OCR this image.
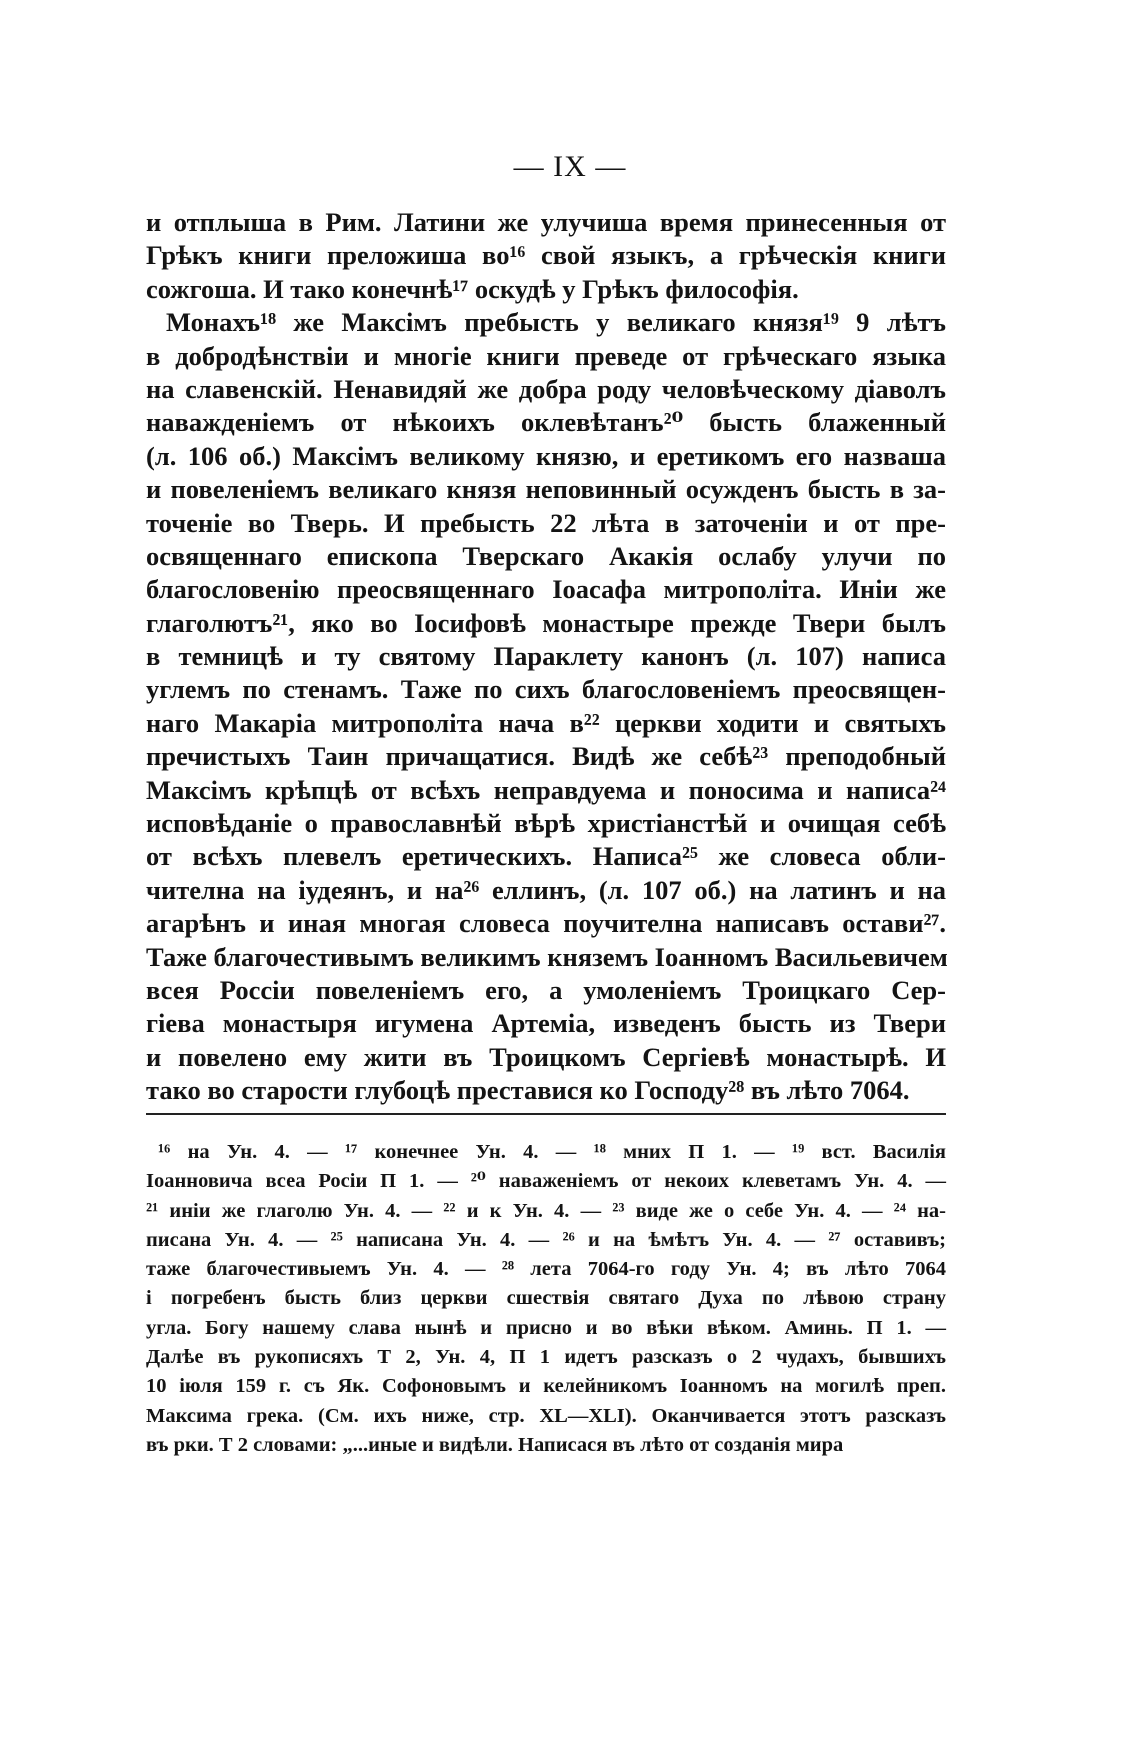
— IX —
и отплыша в Рим. Латини же улучиша время принесенныя от
Грѣкъ книги преложиша во¹⁶ свой языкъ, а грѣческія книги
сожгоша. И тако конечнѣ¹⁷ оскудѣ у Грѣкъ философія.
Монахъ¹⁸ же Максімъ пребысть у великаго князя¹⁹ 9 лѣтъ
в добродѣнствіи и многіе книги преведе от грѣческаго языка
на славенскій. Ненавидяй же добра роду человѣческому діаволъ
наважденіемъ от нѣкоихъ оклевѣтанъ²⁰ бысть блаженный
(л. 106 об.) Максімъ великому князю, и еретикомъ его назваша
и повеленіемъ великаго князя неповинный осужденъ бысть в за-
точеніе во Тверь. И пребысть 22 лѣта в заточеніи и от пре-
освященнаго епископа Тверскаго Акакія ослабу улучи по
благословенію преосвященнаго Іоасафа митрополіта. Иніи же
глаголютъ²¹, яко во Іосифовѣ монастыре прежде Твери былъ
в темницѣ и ту святому Параклету канонъ (л. 107) написа
углемъ по стенамъ. Таже по сихъ благословеніемъ преосвящен-
наго Макаріа митрополіта нача в²² церкви ходити и святыхъ
пречистыхъ Таин причащатися. Видѣ же себѣ²³ преподобный
Максімъ крѣпцѣ от всѣхъ неправдуема и поносима и написа²⁴
исповѣданіе о православнѣй вѣрѣ христіанстѣй и очищая себѣ
от всѣхъ плевелъ еретическихъ. Написа²⁵ же словеса обли-
чителна на іудеянъ, и на²⁶ еллинъ, (л. 107 об.) на латинъ и на
агарѣнъ и иная многая словеса поучителна написавъ остави²⁷.
Таже благочестивымъ великимъ княземъ Іоанномъ Васильевичем
всея Россіи повеленіемъ его, а умоленіемъ Троицкаго Сер-
гіева монастыря игумена Артеміа, изведенъ бысть из Твери
и повелено ему жити въ Троицкомъ Сергіевѣ монастырѣ. И
тако во старости глубоцѣ преставися ко Господу²⁸ въ лѣто 7064.
¹⁶ на Ун. 4. — ¹⁷ конечнее Ун. 4. — ¹⁸ мних П 1. — ¹⁹ вст. Василія
Іоанновича всеа Росіи П 1. — ²⁰ наваженіемъ от некоих клеветамъ Ун. 4. —
²¹ иніи же глаголю Ун. 4. — ²² и к Ун. 4. — ²³ виде же о себе Ун. 4. — ²⁴ на-
писана Ун. 4. — ²⁵ написана Ун. 4. — ²⁶ и на ѣмѣтъ Ун. 4. — ²⁷ оставивъ;
таже благочестивыемъ Ун. 4. — ²⁸ лета 7064-го году Ун. 4; въ лѣто 7064
і погребенъ бысть близ церкви сшествія святаго Духа по лѣвою страну
угла. Богу нашему слава нынѣ и присно и во вѣки вѣком. Аминь. П 1. —
Далѣе въ рукописяхъ Т 2, Ун. 4, П 1 идетъ разсказъ о 2 чудахъ, бывшихъ
10 іюля 159 г. съ Як. Софоновымъ и келейникомъ Іоанномъ на могилѣ преп.
Максима грека. (См. ихъ ниже, стр. XL—XLI). Оканчивается этотъ разсказъ
въ рки. Т 2 словами: „...иные и видѣли. Написася въ лѣто от созданія мира
